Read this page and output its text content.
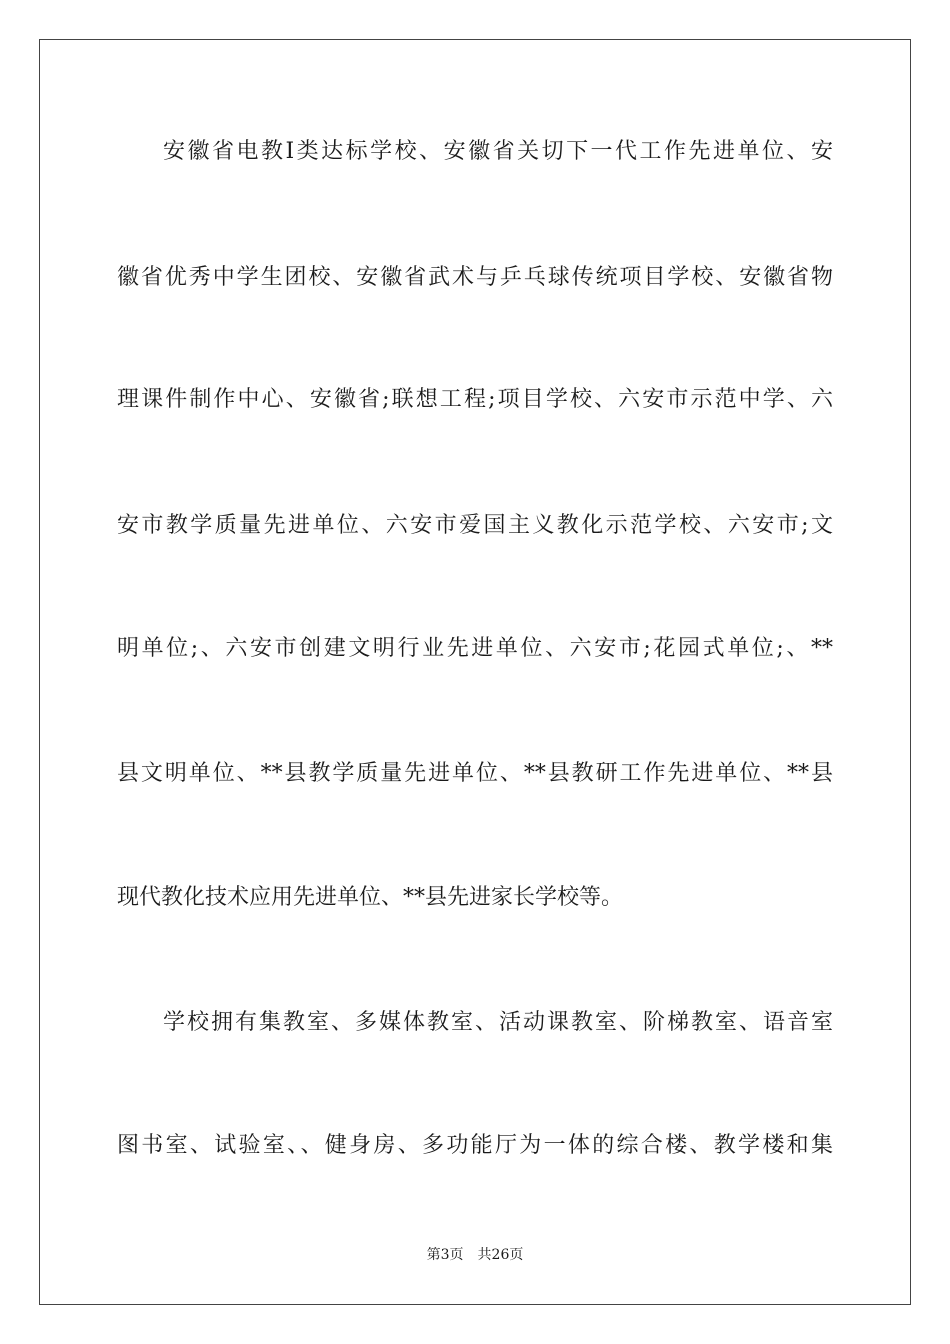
安徽省电教Ⅰ类达标学校、安徽省关切下一代工作先进单位、安
徽省优秀中学生团校、安徽省武术与乒乓球传统项目学校、安徽省物
理课件制作中心、安徽省;联想工程;项目学校、六安市示范中学、六
安市教学质量先进单位、六安市爱国主义教化示范学校、六安市;文
明单位;、六安市创建文明行业先进单位、六安市;花园式单位;、**
县文明单位、**县教学质量先进单位、**县教研工作先进单位、**县
现代教化技术应用先进单位、**县先进家长学校等。
学校拥有集教室、多媒体教室、活动课教室、阶梯教室、语音室
图书室、试验室、、健身房、多功能厅为一体的综合楼、教学楼和集
第3页 共26页
